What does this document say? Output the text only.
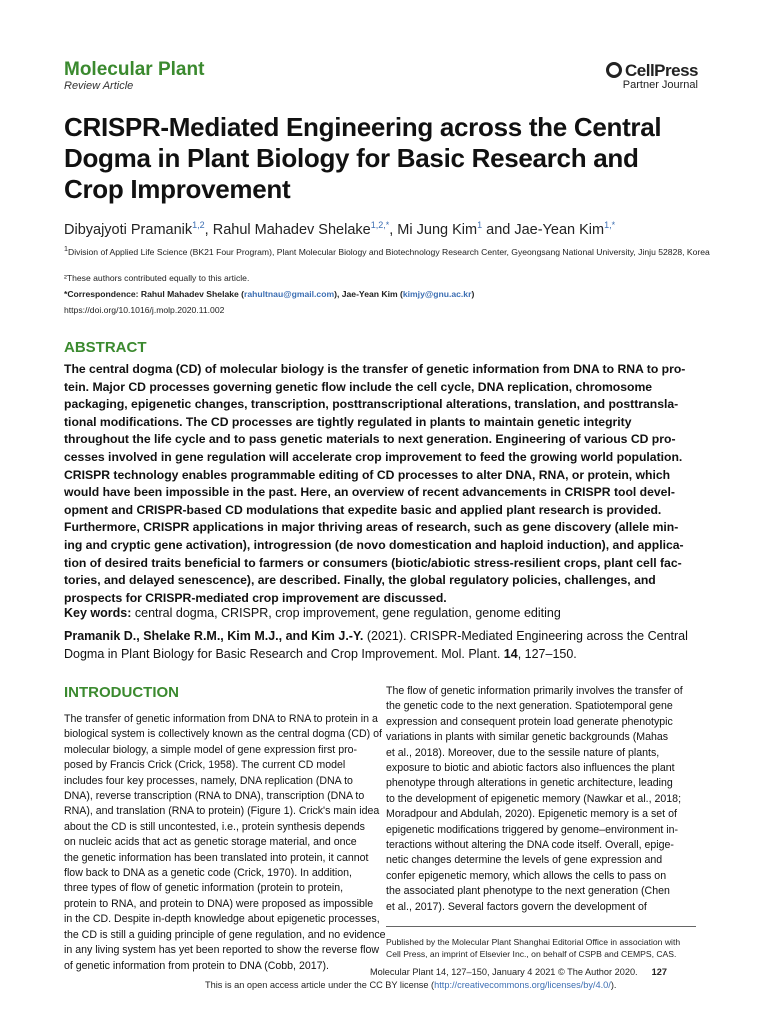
Molecular Plant
Review Article
CellPress
Partner Journal
CRISPR-Mediated Engineering across the Central
Dogma in Plant Biology for Basic Research and
Crop Improvement
Dibyajyoti Pramanik$^{1,2}$, Rahul Mahadev Shelake$^{1,2,*}$, Mi Jung Kim$^1$ and Jae-Yean Kim$^{1,*}$
$^1$Division of Applied Life Science (BK21 Four Program), Plant Molecular Biology and Biotechnology Research Center, Gyeongsang National University, Jinju 52828, Korea
²These authors contributed equally to this article.
*Correspondence: Rahul Mahadev Shelake (rahultnau@gmail.com), Jae-Yean Kim (kimjy@gnu.ac.kr)
https://doi.org/10.1016/j.molp.2020.11.002
ABSTRACT
The central dogma (CD) of molecular biology is the transfer of genetic information from DNA to RNA to pro-
tein. Major CD processes governing genetic flow include the cell cycle, DNA replication, chromosome
packaging, epigenetic changes, transcription, posttranscriptional alterations, translation, and posttransla-
tional modifications. The CD processes are tightly regulated in plants to maintain genetic integrity
throughout the life cycle and to pass genetic materials to next generation. Engineering of various CD pro-
cesses involved in gene regulation will accelerate crop improvement to feed the growing world population.
CRISPR technology enables programmable editing of CD processes to alter DNA, RNA, or protein, which
would have been impossible in the past. Here, an overview of recent advancements in CRISPR tool devel-
opment and CRISPR-based CD modulations that expedite basic and applied plant research is provided.
Furthermore, CRISPR applications in major thriving areas of research, such as gene discovery (allele min-
ing and cryptic gene activation), introgression (de novo domestication and haploid induction), and applica-
tion of desired traits beneficial to farmers or consumers (biotic/abiotic stress-resilient crops, plant cell fac-
tories, and delayed senescence), are described. Finally, the global regulatory policies, challenges, and
prospects for CRISPR-mediated crop improvement are discussed.
Key words: central dogma, CRISPR, crop improvement, gene regulation, genome editing
Pramanik D., Shelake R.M., Kim M.J., and Kim J.-Y. (2021). CRISPR-Mediated Engineering across the Central
Dogma in Plant Biology for Basic Research and Crop Improvement. Mol. Plant. 14, 127–150.
INTRODUCTION
The transfer of genetic information from DNA to RNA to protein in a
biological system is collectively known as the central dogma (CD) of
molecular biology, a simple model of gene expression first pro-
posed by Francis Crick (Crick, 1958). The current CD model
includes four key processes, namely, DNA replication (DNA to
DNA), reverse transcription (RNA to DNA), transcription (DNA to
RNA), and translation (RNA to protein) (Figure 1). Crick's main idea
about the CD is still uncontested, i.e., protein synthesis depends
on nucleic acids that act as genetic storage material, and once
the genetic information has been translated into protein, it cannot
flow back to DNA as a genetic code (Crick, 1970). In addition,
three types of flow of genetic information (protein to protein,
protein to RNA, and protein to DNA) were proposed as impossible
in the CD. Despite in-depth knowledge about epigenetic processes,
the CD is still a guiding principle of gene regulation, and no evidence
in any living system has yet been reported to show the reverse flow
of genetic information from protein to DNA (Cobb, 2017).
The flow of genetic information primarily involves the transfer of
the genetic code to the next generation. Spatiotemporal gene
expression and consequent protein load generate phenotypic
variations in plants with similar genetic backgrounds (Mahas
et al., 2018). Moreover, due to the sessile nature of plants,
exposure to biotic and abiotic factors also influences the plant
phenotype through alterations in genetic architecture, leading
to the development of epigenetic memory (Nawkar et al., 2018;
Moradpour and Abdulah, 2020). Epigenetic memory is a set of
epigenetic modifications triggered by genome–environment in-
teractions without altering the DNA code itself. Overall, epige-
netic changes determine the levels of gene expression and
confer epigenetic memory, which allows the cells to pass on
the associated plant phenotype to the next generation (Chen
et al., 2017). Several factors govern the development of
Published by the Molecular Plant Shanghai Editorial Office in association with
Cell Press, an imprint of Elsevier Inc., on behalf of CSPB and CEMPS, CAS.
Molecular Plant 14, 127–150, January 4 2021 © The Author 2020. 127
This is an open access article under the CC BY license (http://creativecommons.org/licenses/by/4.0/).
